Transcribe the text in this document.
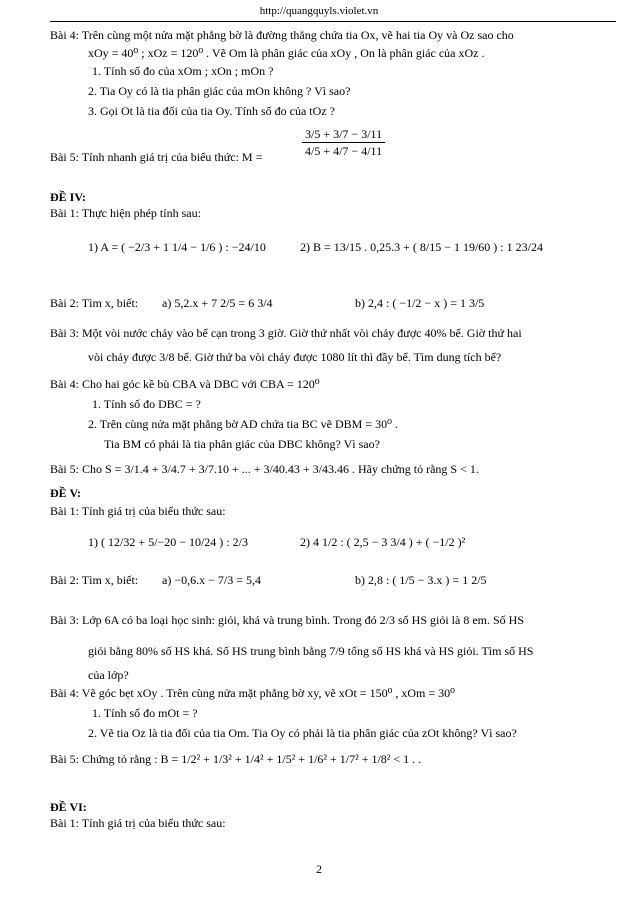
http://quangquyls.violet.vn
Bài 4: Trên cùng một nửa mặt phẳng bờ là đường thẳng chứa tia Ox, vẽ hai tia Oy và Oz sao cho
xOy = 40⁰ ; xOz = 120⁰ . Vẽ Om là phân giác của xOy , On là phân giác của xOz .
1. Tính số đo của xOm ; xOn ; mOn ?
2. Tia Oy có là tia phân giác của mOn không ? Vì sao?
3. Gọi Ot là tia đối của tia Oy. Tính số đo của tOz ?
Bài 5: Tính nhanh giá trị của biểu thức: M =	$\frac{3/5 + 3/7 - 3/11}{4/5 + 4/7 - 4/11}$
ĐỀ IV:
Bài 1: Thực hiện phép tính sau:
1) A = ( −2/3 + 1 1/4 − 1/6 ) : −24/10	2) B = 13/15 . 0,25.3 + ( 8/15 − 1 19/60 ) : 1 23/24
Bài 2: Tìm x, biết: a) 5,2.x + 7 2/5 = 6 3/4	b) 2,4 : ( −1/2 − x ) = 1 3/5
Bài 3: Một vòi nước chảy vào bể cạn trong 3 giờ. Giờ thứ nhất vòi chảy được 40% bể. Giờ thứ hai
vòi chảy được 3/8 bể. Giờ thứ ba vòi chảy được 1080 lít thì đầy bể. Tìm dung tích bể?
Bài 4: Cho hai góc kề bù CBA và DBC với CBA = 120⁰
1. Tính số đo DBC = ?
2. Trên cùng nửa mặt phẳng bờ AD chứa tia BC vẽ DBM = 30⁰ .
Tia BM có phải là tia phân giác của DBC không? Vì sao?
Bài 5: Cho S = 3/1.4 + 3/4.7 + 3/7.10 + ... + 3/40.43 + 3/43.46 . Hãy chứng tỏ rằng S < 1.
ĐỀ V:
Bài 1: Tính giá trị của biểu thức sau:
1) ( 12/32 + 5/−20 − 10/24 ) : 2/3	2) 4 1/2 : ( 2,5 − 3 3/4 ) + ( −1/2 )²
Bài 2: Tìm x, biết: a) −0,6.x − 7/3 = 5,4	b) 2,8 : ( 1/5 − 3.x ) = 1 2/5
Bài 3: Lớp 6A có ba loại học sinh: giỏi, khá và trung bình. Trong đó 2/3 số HS giỏi là 8 em. Số HS
giỏi bằng 80% số HS khá. Số HS trung bình bằng 7/9 tổng số HS khá và HS giỏi. Tìm số HS
của lớp?
Bài 4: Vẽ góc bẹt xOy . Trên cùng nửa mặt phẳng bờ xy, vẽ xOt = 150⁰ , xOm = 30⁰
1. Tính số đo mOt = ?
2. Vẽ tia Oz là tia đối của tia Om. Tia Oy có phải là tia phân giác của zOt không? Vì sao?
Bài 5: Chứng tỏ rằng : B = 1/2² + 1/3² + 1/4² + 1/5² + 1/6² + 1/7² + 1/8² < 1 . .
ĐỀ VI:
Bài 1: Tính giá trị của biểu thức sau:
2
